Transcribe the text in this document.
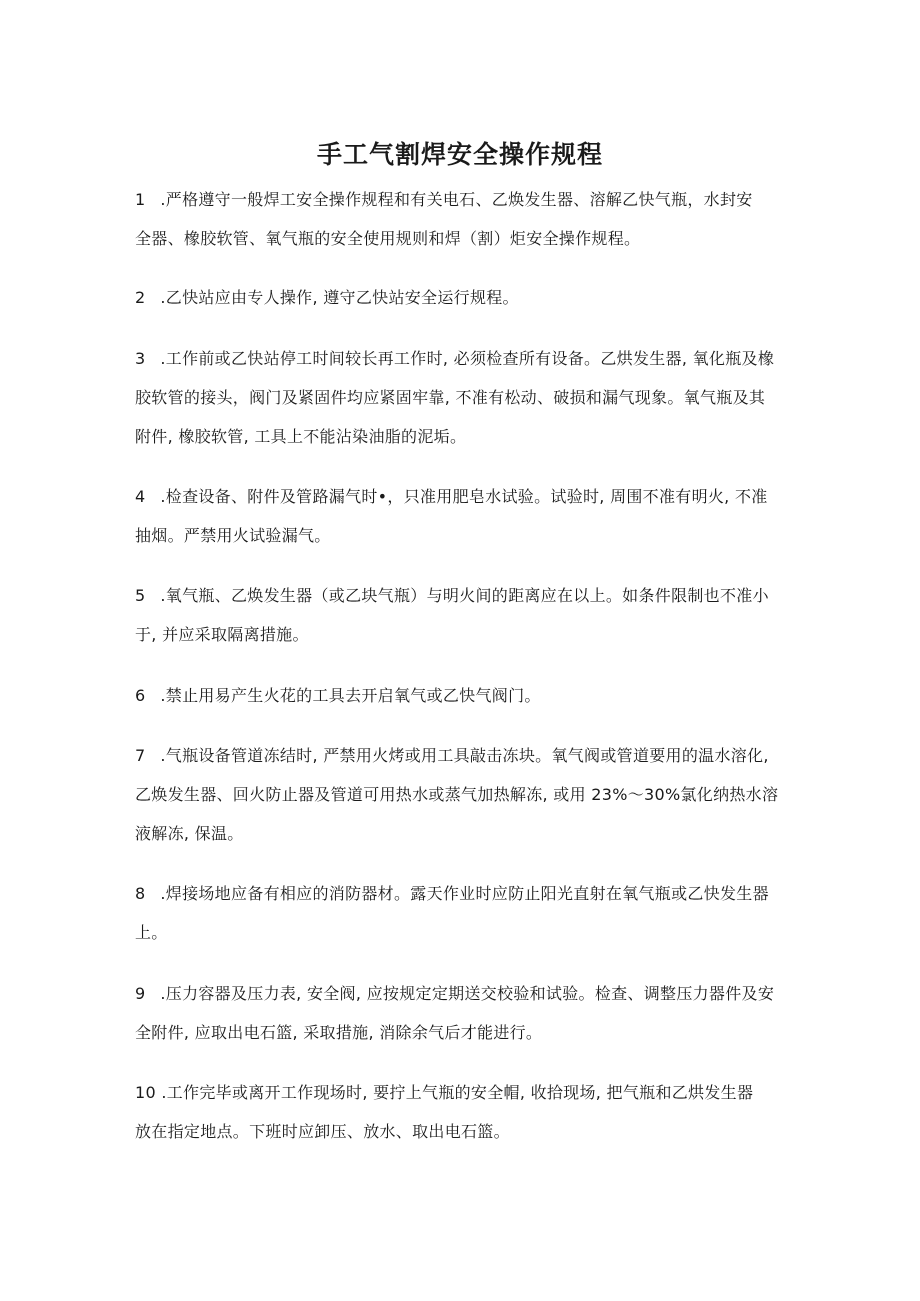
手工气割焊安全操作规程

1 .严格遵守一般焊工安全操作规程和有关电石、乙焕发生器、溶解乙快气瓶，水封安
全器、橡胶软管、氧气瓶的安全使用规则和焊（割）炬安全操作规程。

2 .乙快站应由专人操作, 遵守乙快站安全运行规程。

3 .工作前或乙快站停工时间较长再工作时, 必须检查所有设备。乙烘发生器, 氧化瓶及橡
胶软管的接头，阀门及紧固件均应紧固牢靠, 不准有松动、破损和漏气现象。氧气瓶及其
附件, 橡胶软管, 工具上不能沾染油脂的泥垢。

4 .检查设备、附件及管路漏气时•，只准用肥皂水试验。试验时, 周围不准有明火, 不准
抽烟。严禁用火试验漏气。

5 .氧气瓶、乙焕发生器（或乙块气瓶）与明火间的距离应在以上。如条件限制也不准小
于, 并应采取隔离措施。

6 .禁止用易产生火花的工具去开启氧气或乙快气阀门。

7 .气瓶设备管道冻结时, 严禁用火烤或用工具敲击冻块。氧气阀或管道要用的温水溶化,
乙焕发生器、回火防止器及管道可用热水或蒸气加热解冻, 或用 23%～30%氯化纳热水溶
液解冻, 保温。

8 .焊接场地应备有相应的消防器材。露天作业时应防止阳光直射在氧气瓶或乙快发生器
上。

9 .压力容器及压力表, 安全阀, 应按规定定期送交校验和试验。检查、调整压力器件及安
全附件, 应取出电石篮, 采取措施, 消除余气后才能进行。

10 .工作完毕或离开工作现场时, 要拧上气瓶的安全帽, 收拾现场, 把气瓶和乙烘发生器
放在指定地点。下班时应卸压、放水、取出电石篮。
